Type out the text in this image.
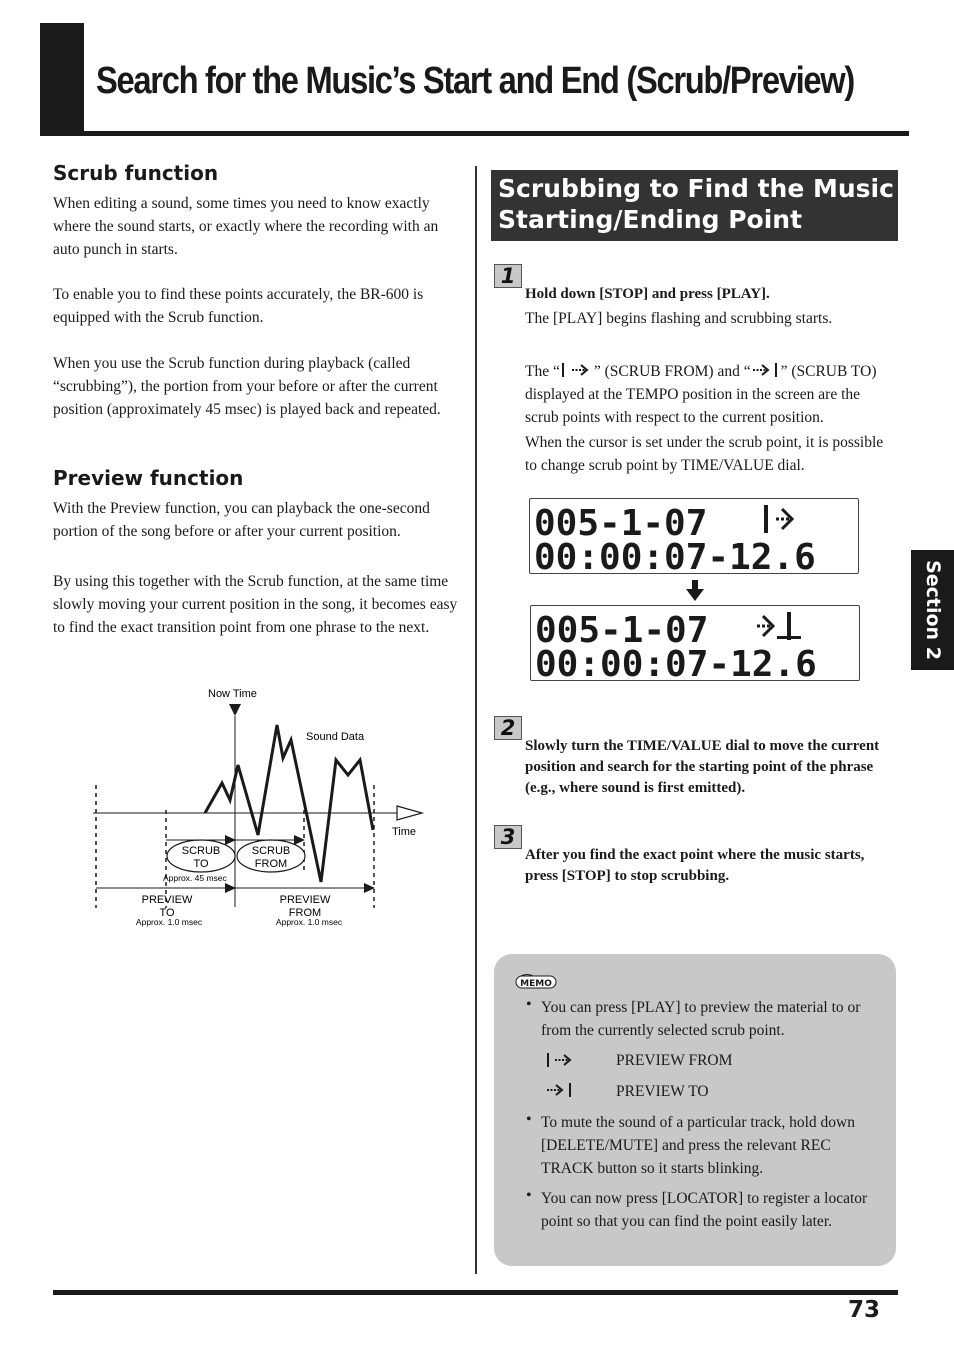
Search for the Music’s Start and End (Scrub/Preview)
Scrub function

When editing a sound, some times you need to know exactly where the sound starts, or exactly where the recording with an auto punch in starts.

To enable you to find these points accurately, the BR-600 is equipped with the Scrub function.

When you use the Scrub function during playback (called “scrubbing”), the portion from your before or after the current position (approximately 45 msec) is played back and repeated.

Preview function

With the Preview function, you can playback the one-second portion of the song before or after your current position.

By using this together with the Scrub function, at the same time slowly moving your current position in the song, it becomes easy to find the exact transition point from one phrase to the next.

Now Time
Sound Data
Time
SCRUB
TO
SCRUB
FROM
Approx. 45 msec
PREVIEW
TO
Approx. 1.0 msec
PREVIEW
FROM
Approx. 1.0 msec
Scrubbing to Find the Music
Starting/Ending Point
1

Hold down [STOP] and press [PLAY].

The [PLAY] begins flashing and scrubbing starts.

The “ ” (SCRUB FROM) and “ ” (SCRUB TO) displayed at the TEMPO position in the screen are the scrub points with respect to the current position.

When the cursor is set under the scrub point, it is possible to change scrub point by TIME/VALUE dial.

005-1-07
00:00:07-12.6
005-1-07
00:00:07-12.6
2

Slowly turn the TIME/VALUE dial to move the current position and search for the starting point of the phrase (e.g., where sound is first emitted).

3

After you find the exact point where the music starts, press [STOP] to stop scrubbing.

MEMO
• You can press [PLAY] to preview the material to or from the currently selected scrub point.

PREVIEW FROM
PREVIEW TO
• To mute the sound of a particular track, hold down [DELETE/MUTE] and press the relevant REC TRACK button so it starts blinking.

• You can now press [LOCATOR] to register a locator point so that you can find the point easily later.

Section 2
73
